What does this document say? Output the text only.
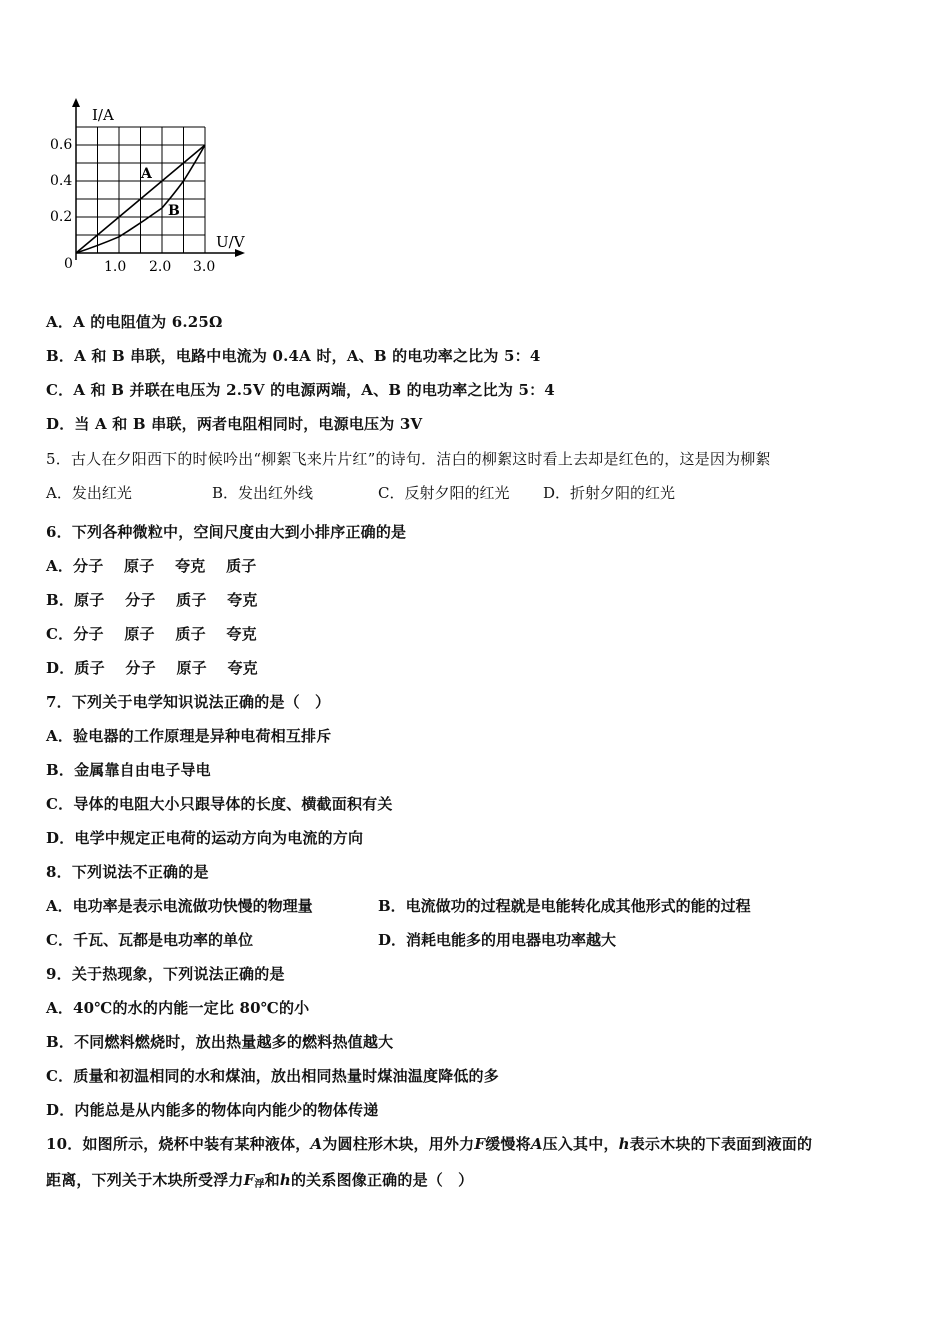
I/A
U/V
0
0.6
0.4
0.2
1.0 2.0 3.0
A
B
A．A 的电阻值为 6.25Ω
B．A 和 B 串联，电路中电流为 0.4A 时，A、B 的电功率之比为 5：4
C．A 和 B 并联在电压为 2.5V 的电源两端，A、B 的电功率之比为 5：4
D．当 A 和 B 串联，两者电阻相同时，电源电压为 3V
5．古人在夕阳西下的时候吟出“柳絮飞来片片红”的诗句．洁白的柳絮这时看上去却是红色的，这是因为柳絮
A．发出红光	B．发出红外线	C．反射夕阳的红光 D．折射夕阳的红光
6．下列各种微粒中，空间尺度由大到小排序正确的是
A．分子　 原子　 夸克　 质子
B．原子　 分子　 质子　 夸克
C．分子　 原子　 质子　 夸克
D．质子　 分子　 原子　 夸克
7．下列关于电学知识说法正确的是（　）
A．验电器的工作原理是异种电荷相互排斥
B．金属靠自由电子导电
C．导体的电阻大小只跟导体的长度、横截面积有关
D．电学中规定正电荷的运动方向为电流的方向
8．下列说法不正确的是
A．电功率是表示电流做功快慢的物理量	B．电流做功的过程就是电能转化成其他形式的能的过程
C．千瓦、瓦都是电功率的单位	D．消耗电能多的用电器电功率越大
9．关于热现象，下列说法正确的是
A．40℃的水的内能一定比 80℃的小
B．不同燃料燃烧时，放出热量越多的燃料热值越大
C．质量和初温相同的水和煤油，放出相同热量时煤油温度降低的多
D．内能总是从内能多的物体向内能少的物体传递
10．如图所示，烧杯中装有某种液体，A为圆柱形木块，用外力F缓慢将A压入其中，h表示木块的下表面到液面的
距离，下列关于木块所受浮力$F_浮$和h的关系图像正确的是（　）
